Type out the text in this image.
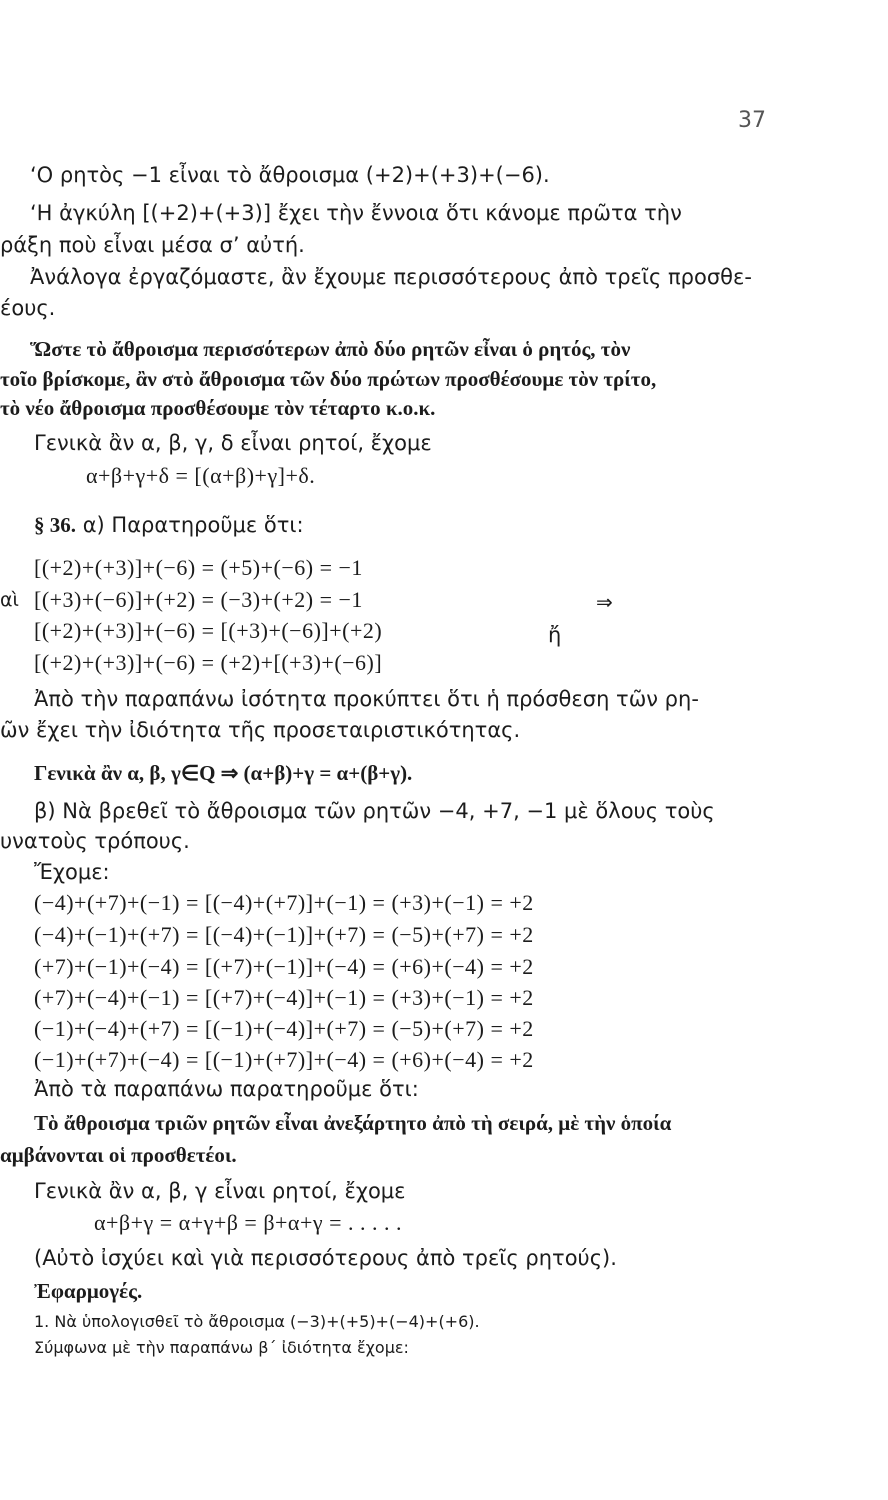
37
‘Ο ρητὸς −1 εἶναι τὸ ἄθροισμα (+2)+(+3)+(−6).
‘Η ἀγκύλη [(+2)+(+3)] ἔχει τὴν ἔννοια ὅτι κάνομε πρῶτα τὴν
ράξη ποὺ εἶναι μέσα σ’ αὐτή.
Ἀνάλογα ἐργαζόμαστε, ἂν ἔχουμε περισσότερους ἀπὸ τρεῖς προσθε-
έους.
Ὥστε τὸ ἄθροισμα περισσότερων ἀπὸ δύο ρητῶν εἶναι ὁ ρητός, τὸν
τοῖο βρίσκομε, ἂν στὸ ἄθροισμα τῶν δύο πρώτων προσθέσουμε τὸν τρίτο,
τὸ νέο ἄθροισμα προσθέσουμε τὸν τέταρτο κ.ο.κ.
Γενικὰ ἂν α, β, γ, δ εἶναι ρητοί, ἔχομε
α+β+γ+δ = [(α+β)+γ]+δ.
§ 36. α) Παρατηροῦμε ὅτι:
[(+2)+(+3)]+(−6) = (+5)+(−6) = −1
αὶ [(+3)+(−6)]+(+2) = (−3)+(+2) = −1	⇒
[(+2)+(+3)]+(−6) = [(+3)+(−6)]+(+2)	ἤ
[(+2)+(+3)]+(−6) = (+2)+[(+3)+(−6)]
Ἀπὸ τὴν παραπάνω ἰσότητα προκύπτει ὅτι ἡ πρόσθεση τῶν ρη-
ῶν ἔχει τὴν ἰδιότητα τῆς προσεταιριστικότητας.
Γενικὰ ἂν α, β, γ∈Q ⇒ (α+β)+γ = α+(β+γ).
β) Νὰ βρεθεῖ τὸ ἄθροισμα τῶν ρητῶν −4, +7, −1 μὲ ὅλους τοὺς
υνατοὺς τρόπους.
Ἔχομε:
(−4)+(+7)+(−1) = [(−4)+(+7)]+(−1) = (+3)+(−1) = +2
(−4)+(−1)+(+7) = [(−4)+(−1)]+(+7) = (−5)+(+7) = +2
(+7)+(−1)+(−4) = [(+7)+(−1)]+(−4) = (+6)+(−4) = +2
(+7)+(−4)+(−1) = [(+7)+(−4)]+(−1) = (+3)+(−1) = +2
(−1)+(−4)+(+7) = [(−1)+(−4)]+(+7) = (−5)+(+7) = +2
(−1)+(+7)+(−4) = [(−1)+(+7)]+(−4) = (+6)+(−4) = +2
Ἀπὸ τὰ παραπάνω παρατηροῦμε ὅτι:
Τὸ ἄθροισμα τριῶν ρητῶν εἶναι ἀνεξάρτητο ἀπὸ τὴ σειρά, μὲ τὴν ὁποία
αμβάνονται οἱ προσθετέοι.
Γενικὰ ἂν α, β, γ εἶναι ρητοί, ἔχομε
α+β+γ = α+γ+β = β+α+γ = . . . . .
(Αὐτὸ ἰσχύει καὶ γιὰ περισσότερους ἀπὸ τρεῖς ρητούς).
Ἐφαρμογές.
1. Νὰ ὑπολογισθεῖ τὸ ἄθροισμα (−3)+(+5)+(−4)+(+6).
Σύμφωνα μὲ τὴν παραπάνω β΄ ἰδιότητα ἔχομε:
